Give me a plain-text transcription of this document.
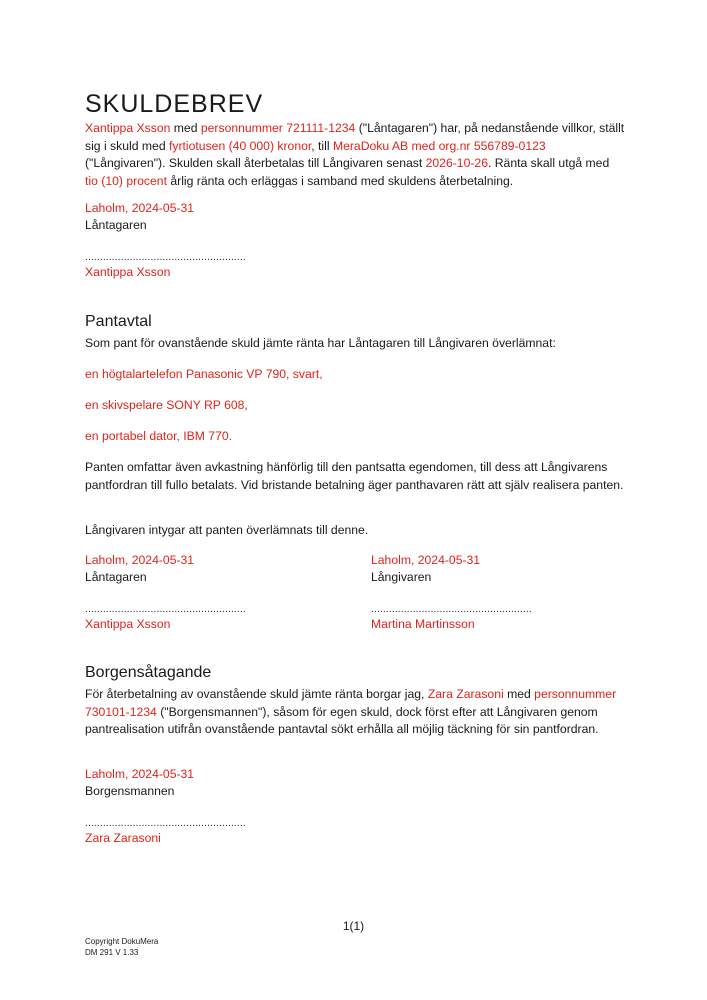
SKULDEBREV

Xantippa Xsson med personnummer 721111-1234 ("Låntagaren") har, på nedanstående villkor, ställt sig i skuld med fyrtiotusen (40 000) kronor, till MeraDoku AB med org.nr 556789-0123 ("Långivaren"). Skulden skall återbetalas till Långivaren senast 2026-10-26. Ränta skall utgå med tio (10) procent årlig ränta och erläggas i samband med skuldens återbetalning.

Laholm, 2024-05-31
Låntagaren
......................................................
Xantippa Xsson
Pantavtal

Som pant för ovanstående skuld jämte ränta har Låntagaren till Långivaren överlämnat:

en högtalartelefon Panasonic VP 790, svart,

en skivspelare SONY RP 608,

en portabel dator, IBM 770.

Panten omfattar även avkastning hänförlig till den pantsatta egendomen, till dess att Långivarens pantfordran till fullo betalats. Vid bristande betalning äger panthavaren rätt att själv realisera panten.

Långivaren intygar att panten överlämnats till denne.

Laholm, 2024-05-31
Låntagaren
......................................................
Xantippa Xsson
Laholm, 2024-05-31
Långivaren
......................................................
Martina Martinsson
Borgensåtagande

För återbetalning av ovanstående skuld jämte ränta borgar jag, Zara Zarasoni med personnummer 730101-1234 ("Borgensmannen"), såsom för egen skuld, dock först efter att Långivaren genom pantrealisation utifrån ovanstående pantavtal sökt erhålla all möjlig täckning för sin pantfordran.

Laholm, 2024-05-31
Borgensmannen
......................................................
Zara Zarasoni
1(1)
Copyright DokuMera
DM 291 V 1.33
